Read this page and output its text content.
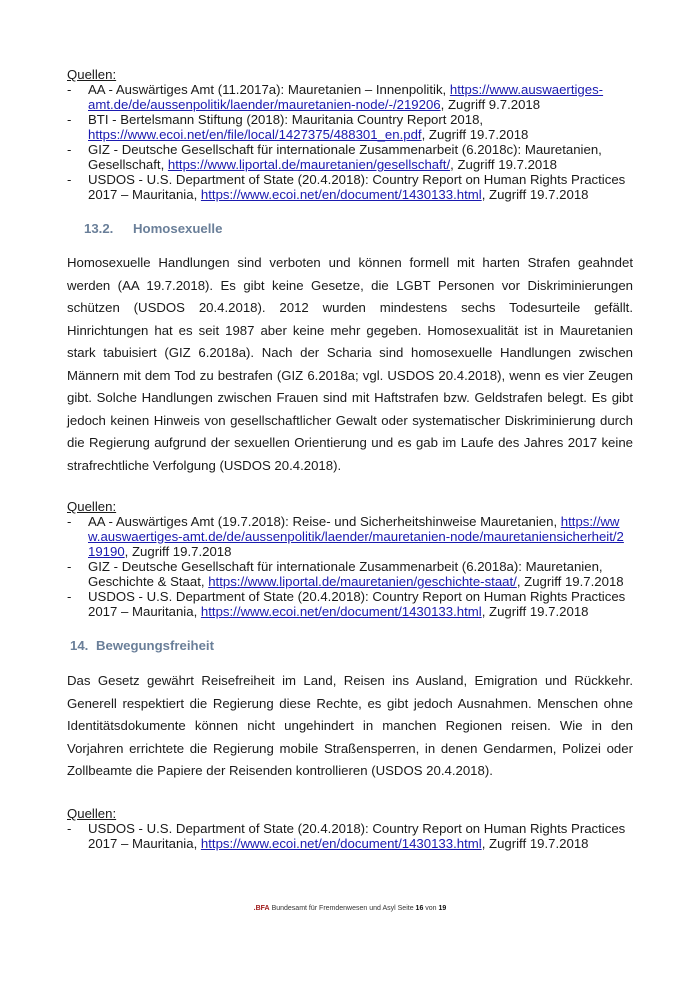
Quellen:
- AA - Auswärtiges Amt (11.2017a): Mauretanien – Innenpolitik, https://www.auswaertiges-amt.de/de/aussenpolitik/laender/mauretanien-node/-/219206, Zugriff 9.7.2018
- BTI - Bertelsmann Stiftung (2018): Mauritania Country Report 2018, https://www.ecoi.net/en/file/local/1427375/488301_en.pdf, Zugriff 19.7.2018
- GIZ - Deutsche Gesellschaft für internationale Zusammenarbeit (6.2018c): Mauretanien, Gesellschaft, https://www.liportal.de/mauretanien/gesellschaft/, Zugriff 19.7.2018
- USDOS - U.S. Department of State (20.4.2018): Country Report on Human Rights Practices 2017 – Mauritania, https://www.ecoi.net/en/document/1430133.html, Zugriff 19.7.2018
13.2. Homosexuelle
Homosexuelle Handlungen sind verboten und können formell mit harten Strafen geahndet werden (AA 19.7.2018). Es gibt keine Gesetze, die LGBT Personen vor Diskriminierungen schützen (USDOS 20.4.2018). 2012 wurden mindestens sechs Todesurteile gefällt. Hinrichtungen hat es seit 1987 aber keine mehr gegeben. Homosexualität ist in Mauretanien stark tabuisiert (GIZ 6.2018a). Nach der Scharia sind homosexuelle Handlungen zwischen Männern mit dem Tod zu bestrafen (GIZ 6.2018a; vgl. USDOS 20.4.2018), wenn es vier Zeugen gibt. Solche Handlungen zwischen Frauen sind mit Haftstrafen bzw. Geldstrafen belegt. Es gibt jedoch keinen Hinweis von gesellschaftlicher Gewalt oder systematischer Diskriminierung durch die Regierung aufgrund der sexuellen Orientierung und es gab im Laufe des Jahres 2017 keine strafrechtliche Verfolgung (USDOS 20.4.2018).
Quellen:
- AA - Auswärtiges Amt (19.7.2018): Reise- und Sicherheitshinweise Mauretanien, https://www.auswaertiges-amt.de/de/aussenpolitik/laender/mauretanien-node/mauretaniensicherheit/219190, Zugriff 19.7.2018
- GIZ - Deutsche Gesellschaft für internationale Zusammenarbeit (6.2018a): Mauretanien, Geschichte & Staat, https://www.liportal.de/mauretanien/geschichte-staat/, Zugriff 19.7.2018
- USDOS - U.S. Department of State (20.4.2018): Country Report on Human Rights Practices 2017 – Mauritania, https://www.ecoi.net/en/document/1430133.html, Zugriff 19.7.2018
14. Bewegungsfreiheit
Das Gesetz gewährt Reisefreiheit im Land, Reisen ins Ausland, Emigration und Rückkehr. Generell respektiert die Regierung diese Rechte, es gibt jedoch Ausnahmen. Menschen ohne Identitätsdokumente können nicht ungehindert in manchen Regionen reisen. Wie in den Vorjahren errichtete die Regierung mobile Straßensperren, in denen Gendarmen, Polizei oder Zollbeamte die Papiere der Reisenden kontrollieren (USDOS 20.4.2018).
Quellen:
- USDOS - U.S. Department of State (20.4.2018): Country Report on Human Rights Practices 2017 – Mauritania, https://www.ecoi.net/en/document/1430133.html, Zugriff 19.7.2018
.BFA Bundesamt für Fremdenwesen und Asyl Seite 16 von 19
